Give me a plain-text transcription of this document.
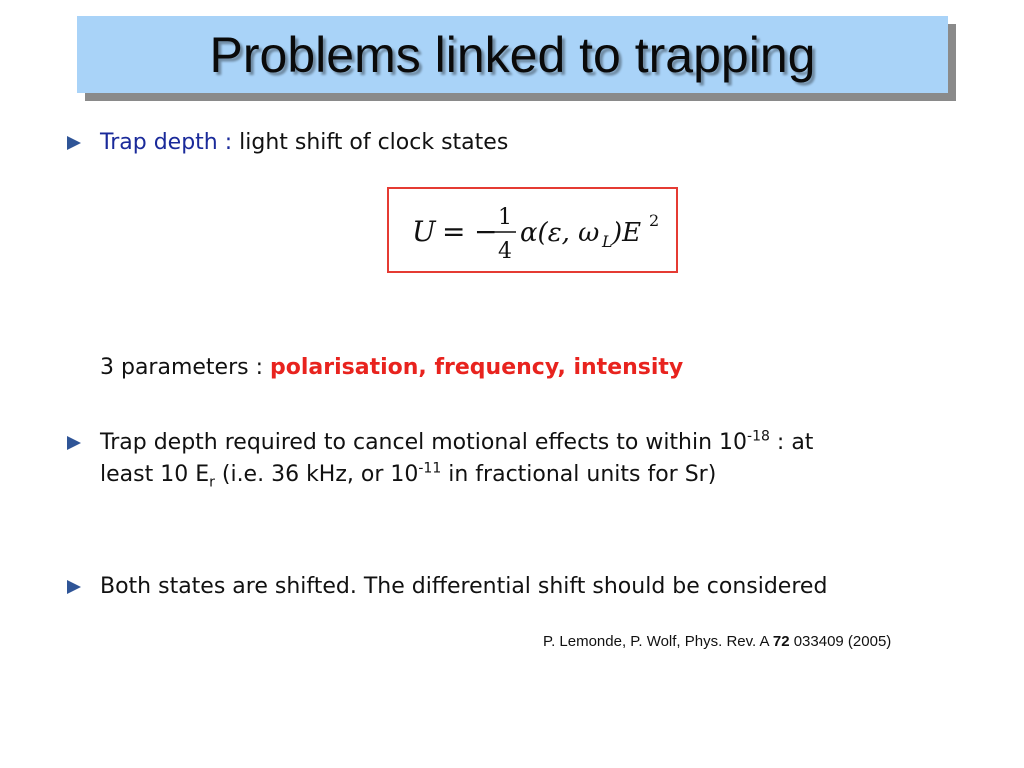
Problems linked to trapping
Trap depth : light shift of clock states
U = − 1
4
α(ε, ω L )E 2
3 parameters : polarisation, frequency, intensity
Trap depth required to cancel motional effects to within $10^{-18}$ : at
least 10 $E_r$ (i.e. 36 kHz, or $10^{-11}$ in fractional units for Sr)
Both states are shifted. The differential shift should be considered
P. Lemonde, P. Wolf, Phys. Rev. A 72 033409 (2005)
